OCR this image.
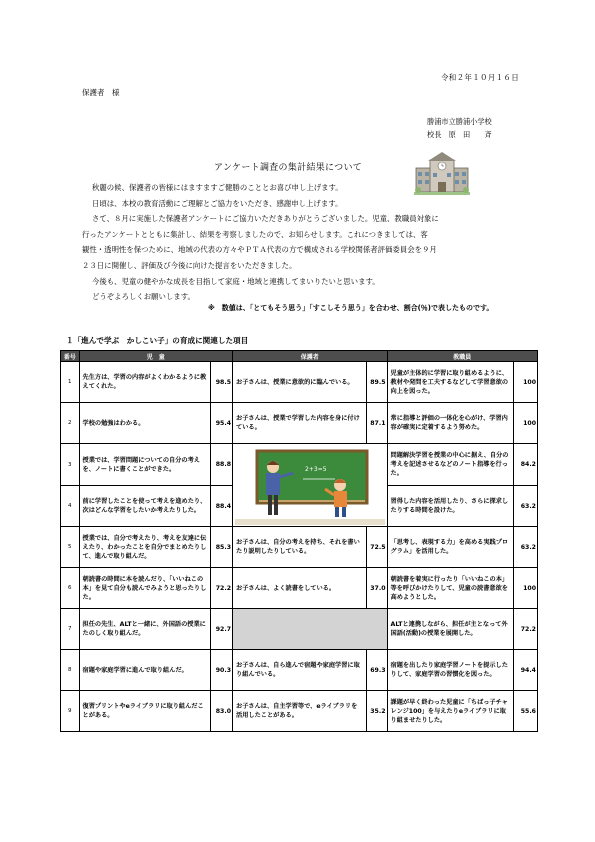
令和２年１０月１６日
保護者　様
勝浦市立勝浦小学校
校長　原　田　　斉
アンケート調査の集計結果について

秋麗の候、保護者の皆様にはますますご健勝のこととお喜び申し上げます。

日頃は、本校の教育活動にご理解とご協力をいただき、感謝申し上げます。

さて、８月に実施した保護者アンケートにご協力いただきありがとうございました。児童、教職員対象に

行ったアンケートとともに集計し、結果を考察しましたので、お知らせします。これにつきましては、客

観性・透明性を保つために、地域の代表の方々やＰＴＡ代表の方で構成される学校関係者評価委員会を９月

２３日に開催し、評価及び今後に向けた提言をいただきました。

今後も、児童の健やかな成長を目指して家庭・地域と連携してまいりたいと思います。

どうぞよろしくお願いします。

※　数値は、「とてもそう思う」「すこしそう思う」を合わせ、割合(％)で表したものです。
１「進んで学ぶ　かしこい子」の育成に関連した項目
番号	児　童		保護者		教職員	
1	先生方は、学習の内容がよくわかるように教えてくれた。	98.5	お子さんは、授業に意欲的に臨んでいる。	89.5	児童が主体的に学習に取り組めるように、教材や発問を工夫するなどして学習意欲の向上を図った。	100
2	学校の勉強はわかる。	95.4	お子さんは、授業で学習した内容を身に付けている。	87.1	常に指導と評価の一体化を心がけ、学習内容が確実に定着するよう努めた。	100
3	授業では、学習問題についての自分の考えを、ノートに書くことができた。	88.8	2+3=5		問題解決学習を授業の中心に据え、自分の考えを記述させるなどのノート指導を行った。	84.2
4	前に学習したことを使って考えを進めたり、次はどんな学習をしたいか考えたりした。	88.4			習得した内容を活用したり、さらに探求したりする時間を設けた。	63.2
5	授業では、自分で考えたり、考えを友達に伝えたり、わかったことを自分でまとめたりして、進んで取り組んだ。	85.3	お子さんは、自分の考えを持ち、それを書いたり説明したりしている。	72.5	「思考し、表現する力」を高める実践プログラム」を活用した。	63.2
6	朝読書の時間に本を読んだり、「いいねこの本」を見て自分も読んでみようと思ったりした。	72.2	お子さんは、よく読書をしている。	37.0	朝読書を着実に行ったり「いいねこの本」等を呼びかけたりして、児童の読書意欲を高めようとした。	100
7	担任の先生、ALTと一緒に、外国語の授業にたのしく取り組んだ。	92.7			ALTと連携しながら、担任が主となって外国語(活動)の授業を展開した。	72.2
8	宿題や家庭学習に進んで取り組んだ。	90.3	お子さんは、自ら進んで宿題や家庭学習に取り組んでいる。	69.3	宿題を出したり家庭学習ノートを提示したりして、家庭学習の習慣化を図った。	94.4
9	復習プリントやeライブラリに取り組んだことがある。	83.0	お子さんは、自主学習等で、eライブラリを活用したことがある。	35.2	課題が早く終わった児童に「ちばっ子チャレンジ100」を与えたりeライブラリに取り組ませたりした。	55.6
